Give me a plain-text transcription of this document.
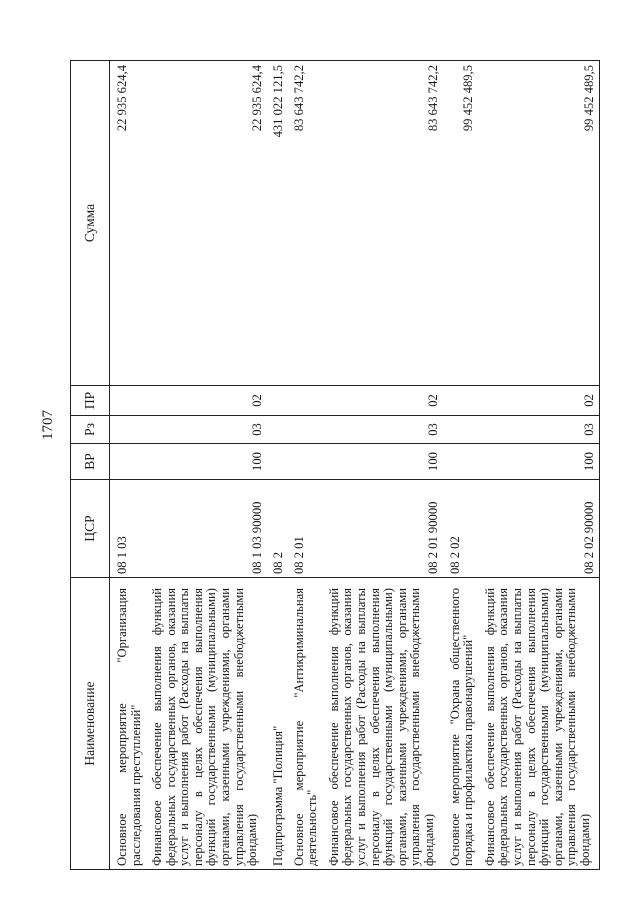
1707
Наименование	ЦСР	ВР	Рз	ПР	Сумма
Основное мероприятие "Организация расследования преступлений"	08 1 03				22 935 624,4
Финансовое обеспечение выполнения функций федеральных государственных органов, оказания услуг и выполнения работ (Расходы на выплаты персоналу в целях обеспечения выполнения функций государственными (муниципальными) органами, казенными учреждениями, органами управления государственными внебюджетными фондами)	08 1 03 90000	100	03	02	22 935 624,4
Подпрограмма "Полиция"	08 2				431 022 121,5
Основное мероприятие "Антикриминальная деятельность"	08 2 01				83 643 742,2
Финансовое обеспечение выполнения функций федеральных государственных органов, оказания услуг и выполнения работ (Расходы на выплаты персоналу в целях обеспечения выполнения функций государственными (муниципальными) органами, казенными учреждениями, органами управления государственными внебюджетными фондами)	08 2 01 90000	100	03	02	83 643 742,2
Основное мероприятие "Охрана общественного порядка и профилактика правонарушений"	08 2 02				99 452 489,5
Финансовое обеспечение выполнения функций федеральных государственных органов, оказания услуг и выполнения работ (Расходы на выплаты персоналу в целях обеспечения выполнения функций государственными (муниципальными) органами, казенными учреждениями, органами управления государственными внебюджетными фондами)	08 2 02 90000	100	03	02	99 452 489,5
